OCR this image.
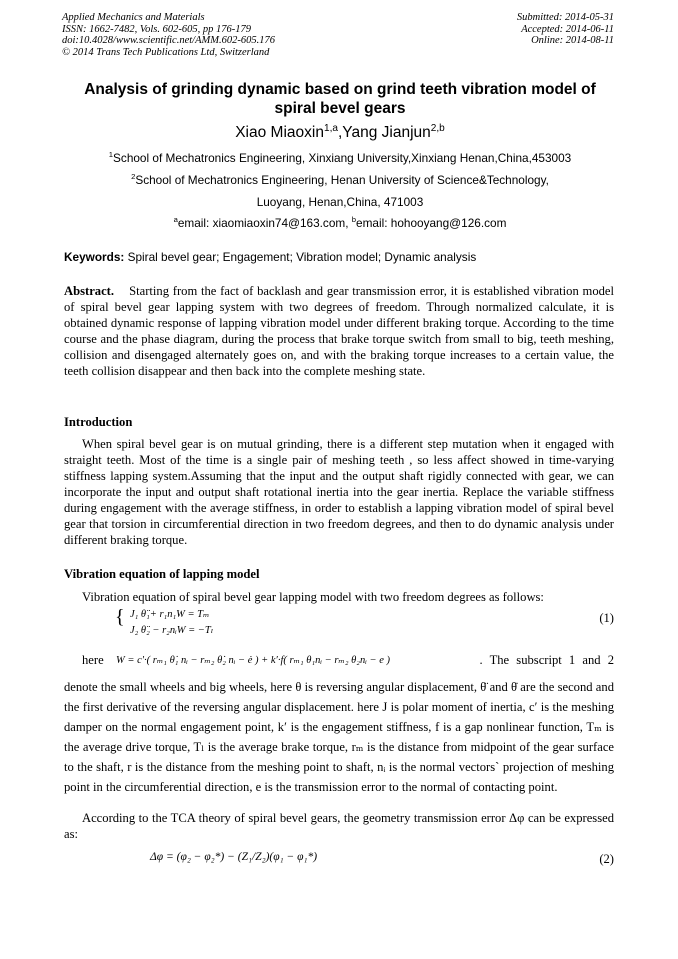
Applied Mechanics and Materials
ISSN: 1662-7482, Vols. 602-605, pp 176-179
doi:10.4028/www.scientific.net/AMM.602-605.176
© 2014 Trans Tech Publications Ltd, Switzerland
Submitted: 2014-05-31
Accepted: 2014-06-11
Online: 2014-08-11
Analysis of grinding dynamic based on grind teeth vibration model of
spiral bevel gears
Xiao Miaoxin$^{1,a}$,Yang Jianjun$^{2,b}$
$^1$School of Mechatronics Engineering, Xinxiang University,Xinxiang Henan,China,453003
$^2$School of Mechatronics Engineering, Henan University of Science&Technology,
Luoyang, Henan,China, 471003
$^a$email: xiaomiaoxin74@163.com, $^b$email: hohooyang@126.com
Keywords: Spiral bevel gear; Engagement; Vibration model; Dynamic analysis
Abstract. Starting from the fact of backlash and gear transmission error, it is established vibration model of spiral bevel gear lapping system with two degrees of freedom. Through normalized calculate, it is obtained dynamic response of lapping vibration model under different braking torque. According to the time course and the phase diagram, during the process that brake torque switch from small to big, teeth meshing, collision and disengaged alternately goes on, and with the braking torque increases to a certain value, the teeth collision disappear and then back into the complete meshing state.
Introduction
When spiral bevel gear is on mutual grinding, there is a different step mutation when it engaged with straight teeth. Most of the time is a single pair of meshing teeth , so less affect showed in time-varying stiffness lapping system.Assuming that the input and the output shaft rigidly connected with gear, we can incorporate the input and output shaft rotational inertia into the gear inertia. Replace the variable stiffness during engagement with the average stiffness, in order to establish a lapping vibration model of spiral bevel gear that torsion in circumferential direction in two freedom degrees, and then to do dynamic analysis under different braking torque.
Vibration equation of lapping model
Vibration equation of spiral bevel gear lapping model with two freedom degrees as follows:
{ J₁ θ̈₁+ r₁n₁W = Tₘ
J₂ θ̈₂ − r₂nᵢW = −Tₗ
(1)
here W = c′·( rₘ₁ θ̇₁ nᵢ − rₘ₂ θ̇₂ nᵢ − ė ) + k′·f( rₘ₁ θ₁nᵢ − rₘ₂ θ₂nᵢ − e )	. The subscript 1 and 2
denote the small wheels and big wheels, here θ is reversing angular displacement, θ̈ and θ̇ are the second and the first derivative of the reversing angular displacement. here J is polar moment of inertia, c′ is the meshing damper on the normal engagement point, k′ is the engagement stiffness, f is a gap nonlinear function, Tₘ is the average drive torque, Tₗ is the average brake torque, rₘ is the distance from midpoint of the gear surface to the shaft, r is the distance from the meshing point to shaft, nᵢ is the normal vectors` projection of meshing point in the circumferential direction, e is the transmission error to the normal of contacting point.
According to the TCA theory of spiral bevel gears, the geometry transmission error Δφ can be expressed as:
Δφ = (φ₂ − φ₂*) − (Z₁/Z₂)(φ₁ − φ₁*)	(2)
